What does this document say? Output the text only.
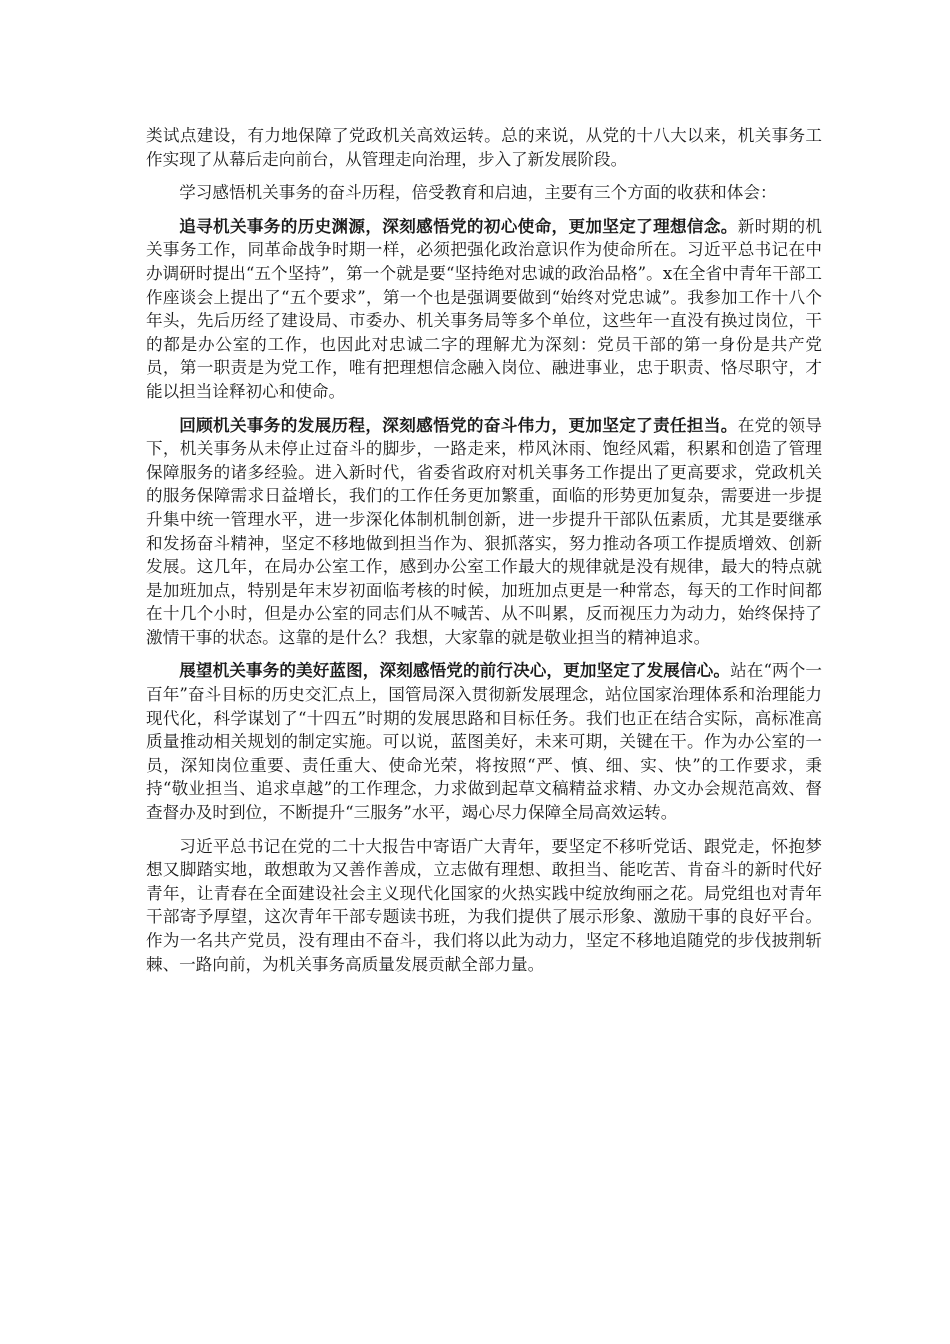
类试点建设，有力地保障了党政机关高效运转。总的来说，从党的十八大以来，机关事务工作实现了从幕后走向前台，从管理走向治理，步入了新发展阶段。

学习感悟机关事务的奋斗历程，倍受教育和启迪，主要有三个方面的收获和体会：

追寻机关事务的历史渊源，深刻感悟党的初心使命，更加坚定了理想信念。新时期的机关事务工作，同革命战争时期一样，必须把强化政治意识作为使命所在。习近平总书记在中办调研时提出“五个坚持”，第一个就是要“坚持绝对忠诚的政治品格”。x在全省中青年干部工作座谈会上提出了“五个要求”，第一个也是强调要做到“始终对党忠诚”。我参加工作十八个年头，先后历经了建设局、市委办、机关事务局等多个单位，这些年一直没有换过岗位，干的都是办公室的工作，也因此对忠诚二字的理解尤为深刻：党员干部的第一身份是共产党员，第一职责是为党工作，唯有把理想信念融入岗位、融进事业，忠于职责、恪尽职守，才能以担当诠释初心和使命。

回顾机关事务的发展历程，深刻感悟党的奋斗伟力，更加坚定了责任担当。在党的领导下，机关事务从未停止过奋斗的脚步，一路走来，栉风沐雨、饱经风霜，积累和创造了管理保障服务的诸多经验。进入新时代，省委省政府对机关事务工作提出了更高要求，党政机关的服务保障需求日益增长，我们的工作任务更加繁重，面临的形势更加复杂，需要进一步提升集中统一管理水平，进一步深化体制机制创新，进一步提升干部队伍素质，尤其是要继承和发扬奋斗精神，坚定不移地做到担当作为、狠抓落实，努力推动各项工作提质增效、创新发展。这几年，在局办公室工作，感到办公室工作最大的规律就是没有规律，最大的特点就是加班加点，特别是年末岁初面临考核的时候，加班加点更是一种常态，每天的工作时间都在十几个小时，但是办公室的同志们从不喊苦、从不叫累，反而视压力为动力，始终保持了激情干事的状态。这靠的是什么？我想，大家靠的就是敬业担当的精神追求。

展望机关事务的美好蓝图，深刻感悟党的前行决心，更加坚定了发展信心。站在“两个一百年”奋斗目标的历史交汇点上，国管局深入贯彻新发展理念，站位国家治理体系和治理能力现代化，科学谋划了“十四五”时期的发展思路和目标任务。我们也正在结合实际，高标准高质量推动相关规划的制定实施。可以说，蓝图美好，未来可期，关键在干。作为办公室的一员，深知岗位重要、责任重大、使命光荣，将按照“严、慎、细、实、快”的工作要求，秉持“敬业担当、追求卓越”的工作理念，力求做到起草文稿精益求精、办文办会规范高效、督查督办及时到位，不断提升“三服务”水平，竭心尽力保障全局高效运转。

习近平总书记在党的二十大报告中寄语广大青年，要坚定不移听党话、跟党走，怀抱梦想又脚踏实地，敢想敢为又善作善成，立志做有理想、敢担当、能吃苦、肯奋斗的新时代好青年，让青春在全面建设社会主义现代化国家的火热实践中绽放绚丽之花。局党组也对青年干部寄予厚望，这次青年干部专题读书班，为我们提供了展示形象、激励干事的良好平台。作为一名共产党员，没有理由不奋斗，我们将以此为动力，坚定不移地追随党的步伐披荆斩棘、一路向前，为机关事务高质量发展贡献全部力量。
